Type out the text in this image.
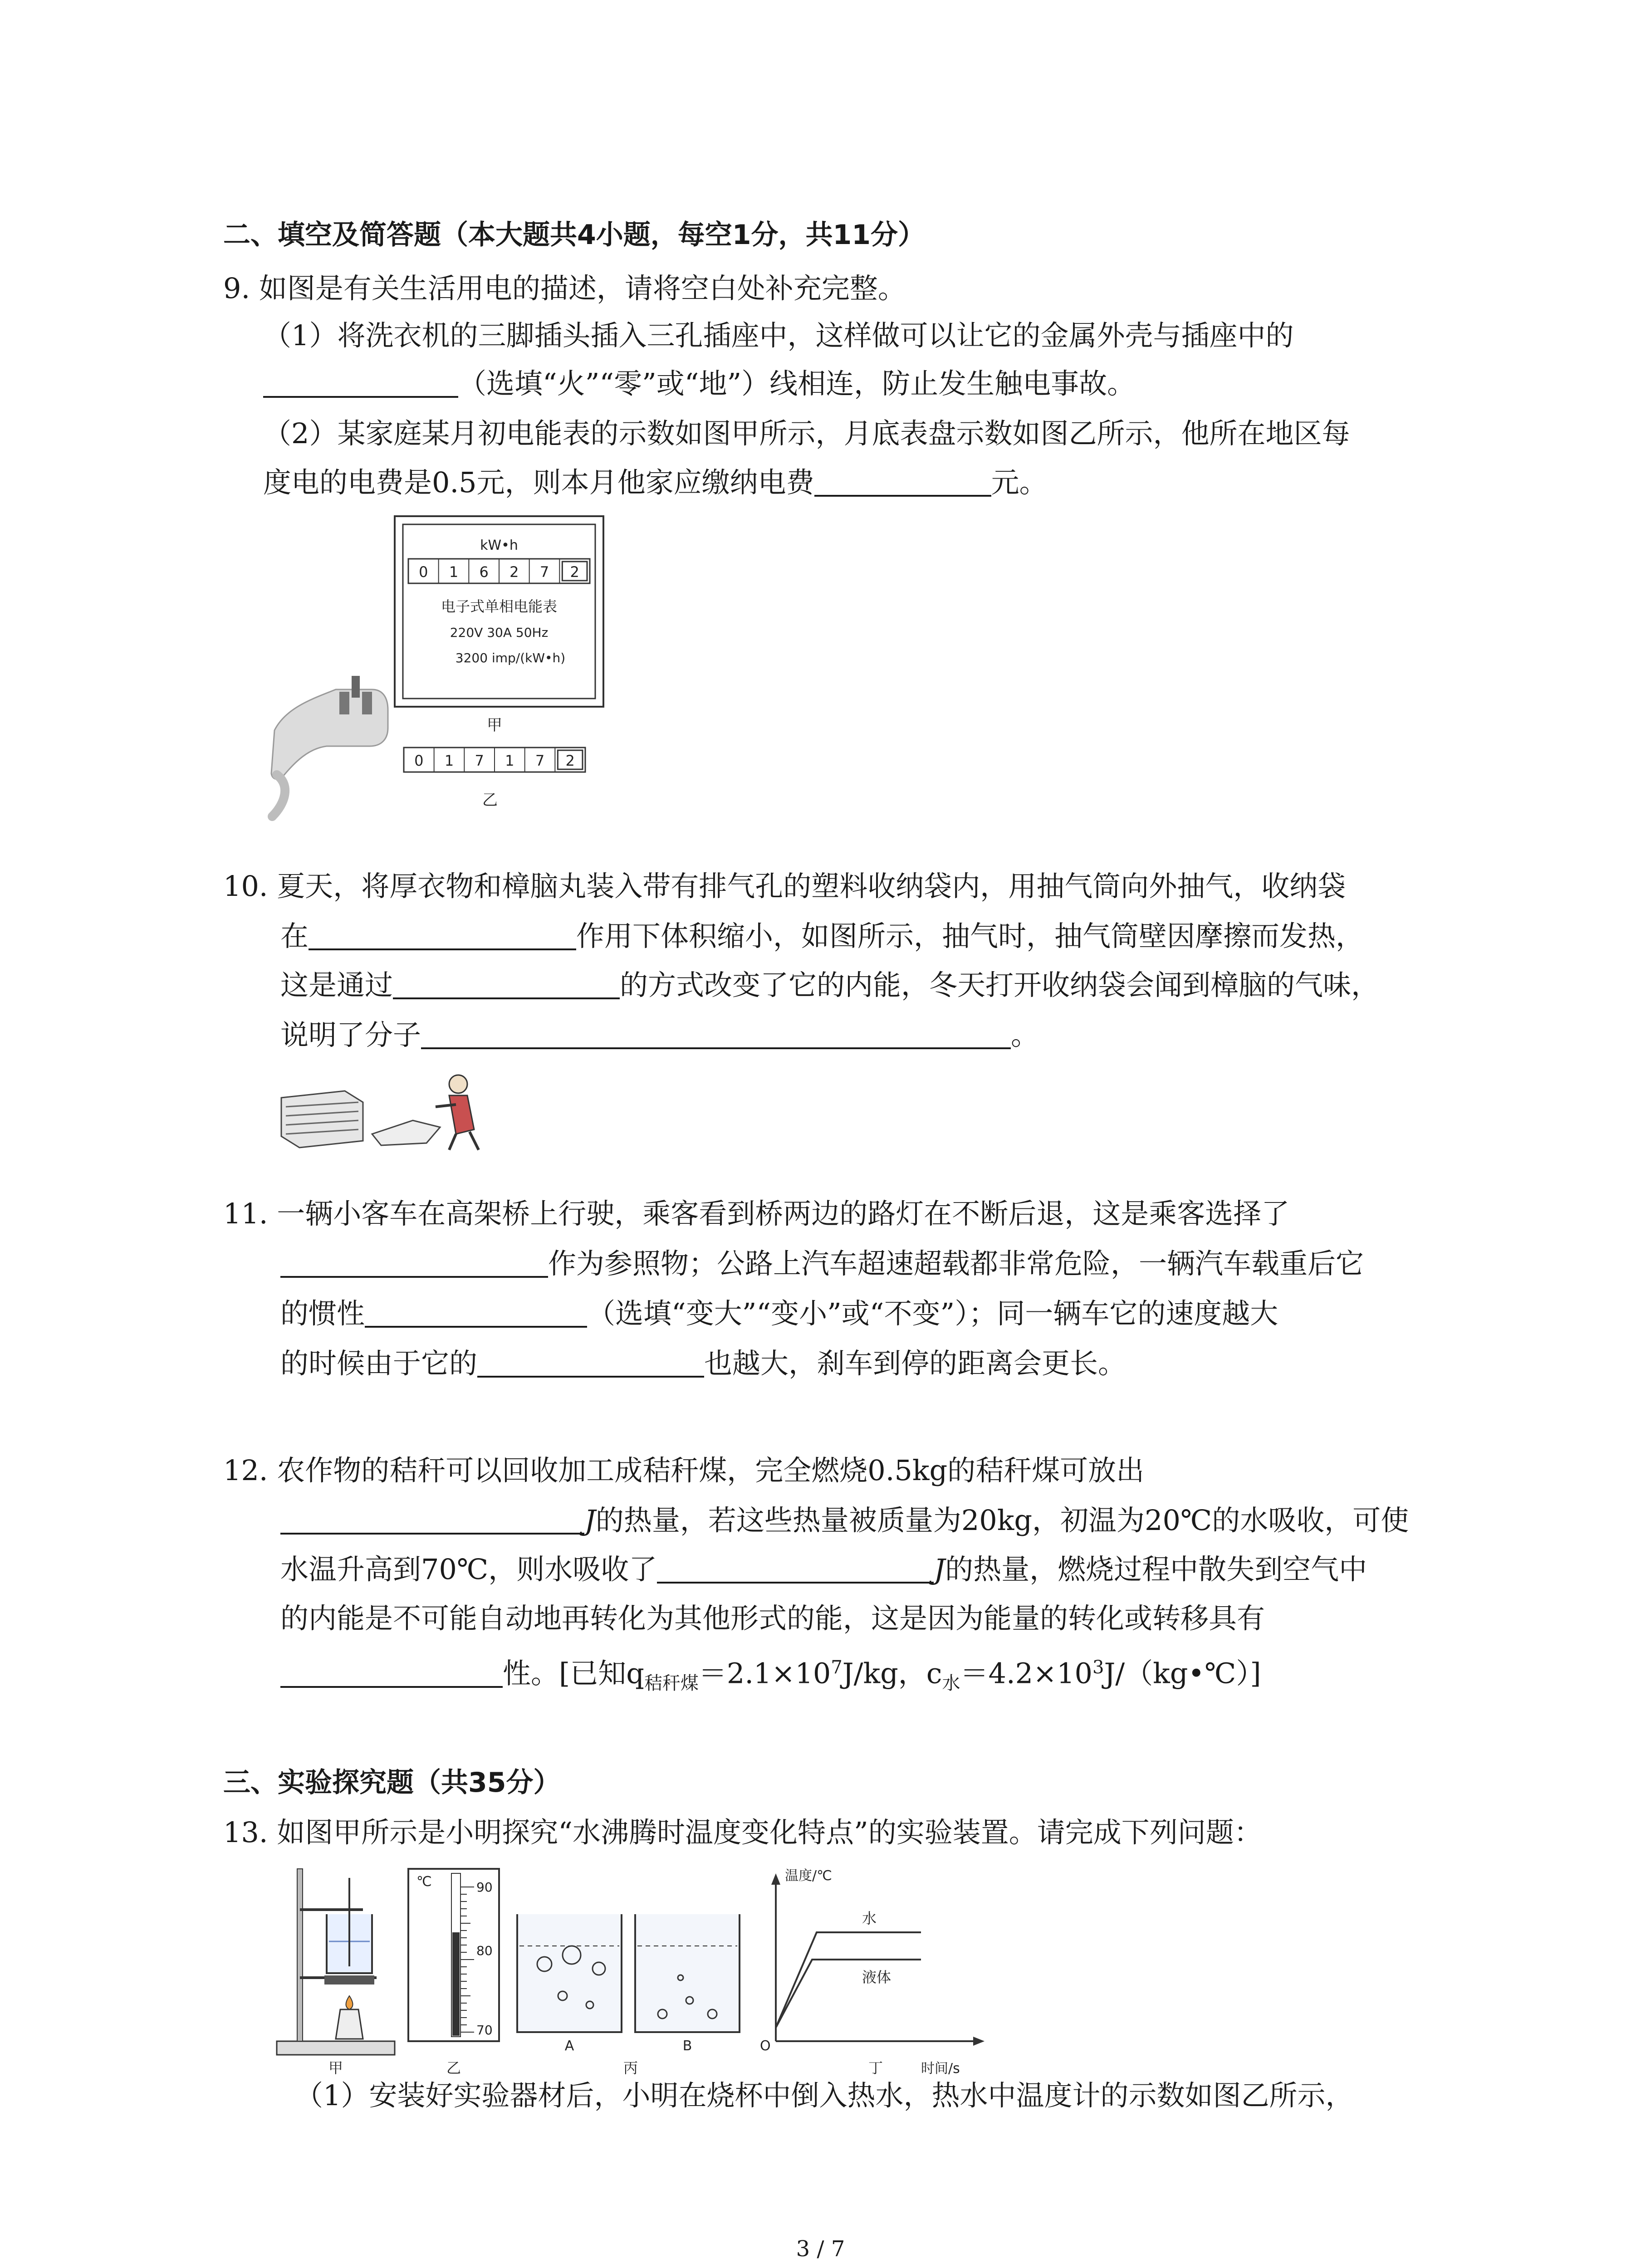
二、填空及简答题（本大题共4小题，每空1分，共11分）
9. 如图是有关生活用电的描述，请将空白处补充完整。
（1）将洗衣机的三脚插头插入三孔插座中，这样做可以让它的金属外壳与插座中的
（选填“火”“零”或“地”）线相连，防止发生触电事故。
（2）某家庭某月初电能表的示数如图甲所示，月底表盘示数如图乙所示，他所在地区每
度电的电费是0.5元，则本月他家应缴纳电费	元。
kW•h
0 1 6 2 7 2
电子式单相电能表
220V 30A 50Hz
3200 imp/(kW•h)
甲
0 1 7 1 7 2
乙
10. 夏天，将厚衣物和樟脑丸装入带有排气孔的塑料收纳袋内，用抽气筒向外抽气，收纳袋
在	作用下体积缩小，如图所示，抽气时，抽气筒壁因摩擦而发热，
这是通过	的方式改变了它的内能，冬天打开收纳袋会闻到樟脑的气味，
说明了分子	。
11. 一辆小客车在高架桥上行驶，乘客看到桥两边的路灯在不断后退，这是乘客选择了
作为参照物；公路上汽车超速超载都非常危险，一辆汽车载重后它
的惯性	（选填“变大”“变小”或“不变”）；同一辆车它的速度越大
的时候由于它的	也越大，刹车到停的距离会更长。
12. 农作物的秸秆可以回收加工成秸秆煤，完全燃烧0.5kg的秸秆煤可放出
J的热量，若这些热量被质量为20kg，初温为20℃的水吸收，可使
水温升高到70℃，则水吸收了	J的热量，燃烧过程中散失到空气中
的内能是不可能自动地再转化为其他形式的能，这是因为能量的转化或转移具有
性。[已知$q_{秸秆煤}=2.1\times 10^7J/kg$，$c_水=4.2\times 10^3J/(kg•℃)$]
三、实验探究题（共35分）
13. 如图甲所示是小明探究“水沸腾时温度变化特点”的实验装置。请完成下列问题：
甲
℃	90
80
70
乙
A	B
丙
温度/℃
时间/s
O
水
液体
丁
（1）安装好实验器材后，小明在烧杯中倒入热水，热水中温度计的示数如图乙所示，
3 / 7
